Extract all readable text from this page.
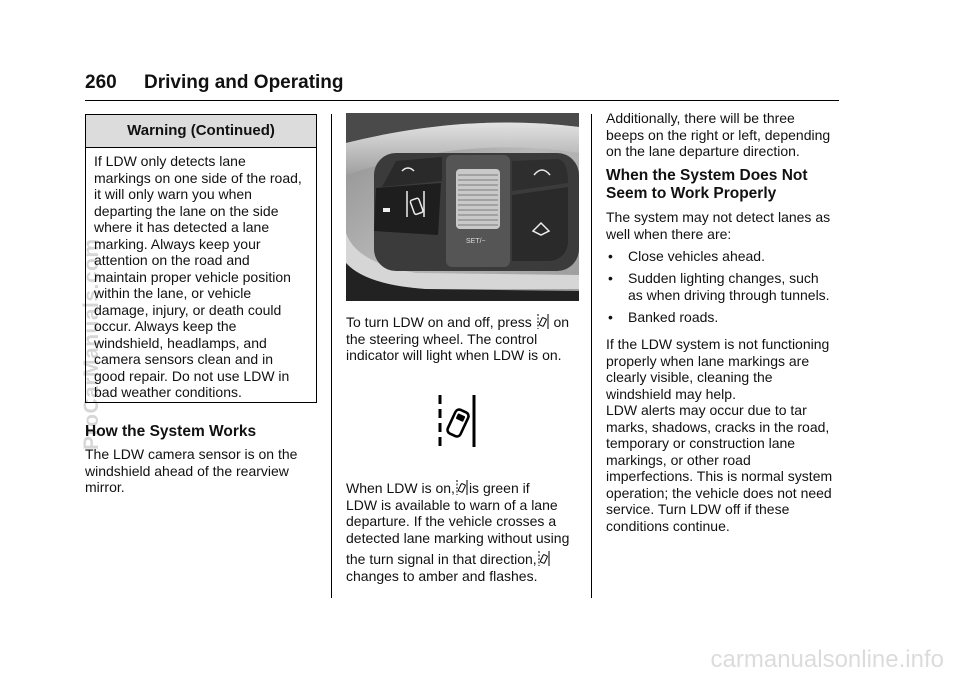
260 Driving and Operating
Warning (Continued)
If LDW only detects lane
markings on one side of the road,
it will only warn you when
departing the lane on the side
where it has detected a lane
marking. Always keep your
attention on the road and
maintain proper vehicle position
within the lane, or vehicle
damage, injury, or death could
occur. Always keep the
windshield, headlamps, and
camera sensors clean and in
good repair. Do not use LDW in
bad weather conditions.
How the System Works
The LDW camera sensor is on the
windshield ahead of the rearview
mirror.
SET/−
To turn LDW on and off, press on
the steering wheel. The control
indicator will light when LDW is on.
When LDW is on, is green if
LDW is available to warn of a lane
departure. If the vehicle crosses a
detected lane marking without using
the turn signal in that direction,
changes to amber and flashes.
Additionally, there will be three
beeps on the right or left, depending
on the lane departure direction.
When the System Does Not
Seem to Work Properly
The system may not detect lanes as
well when there are:
• Close vehicles ahead.
• Sudden lighting changes, such
as when driving through tunnels.
• Banked roads.
If the LDW system is not functioning
properly when lane markings are
clearly visible, cleaning the
windshield may help.
LDW alerts may occur due to tar
marks, shadows, cracks in the road,
temporary or construction lane
markings, or other road
imperfections. This is normal system
operation; the vehicle does not need
service. Turn LDW off if these
conditions continue.
ProCarManuals.com
carmanualsonline.info
